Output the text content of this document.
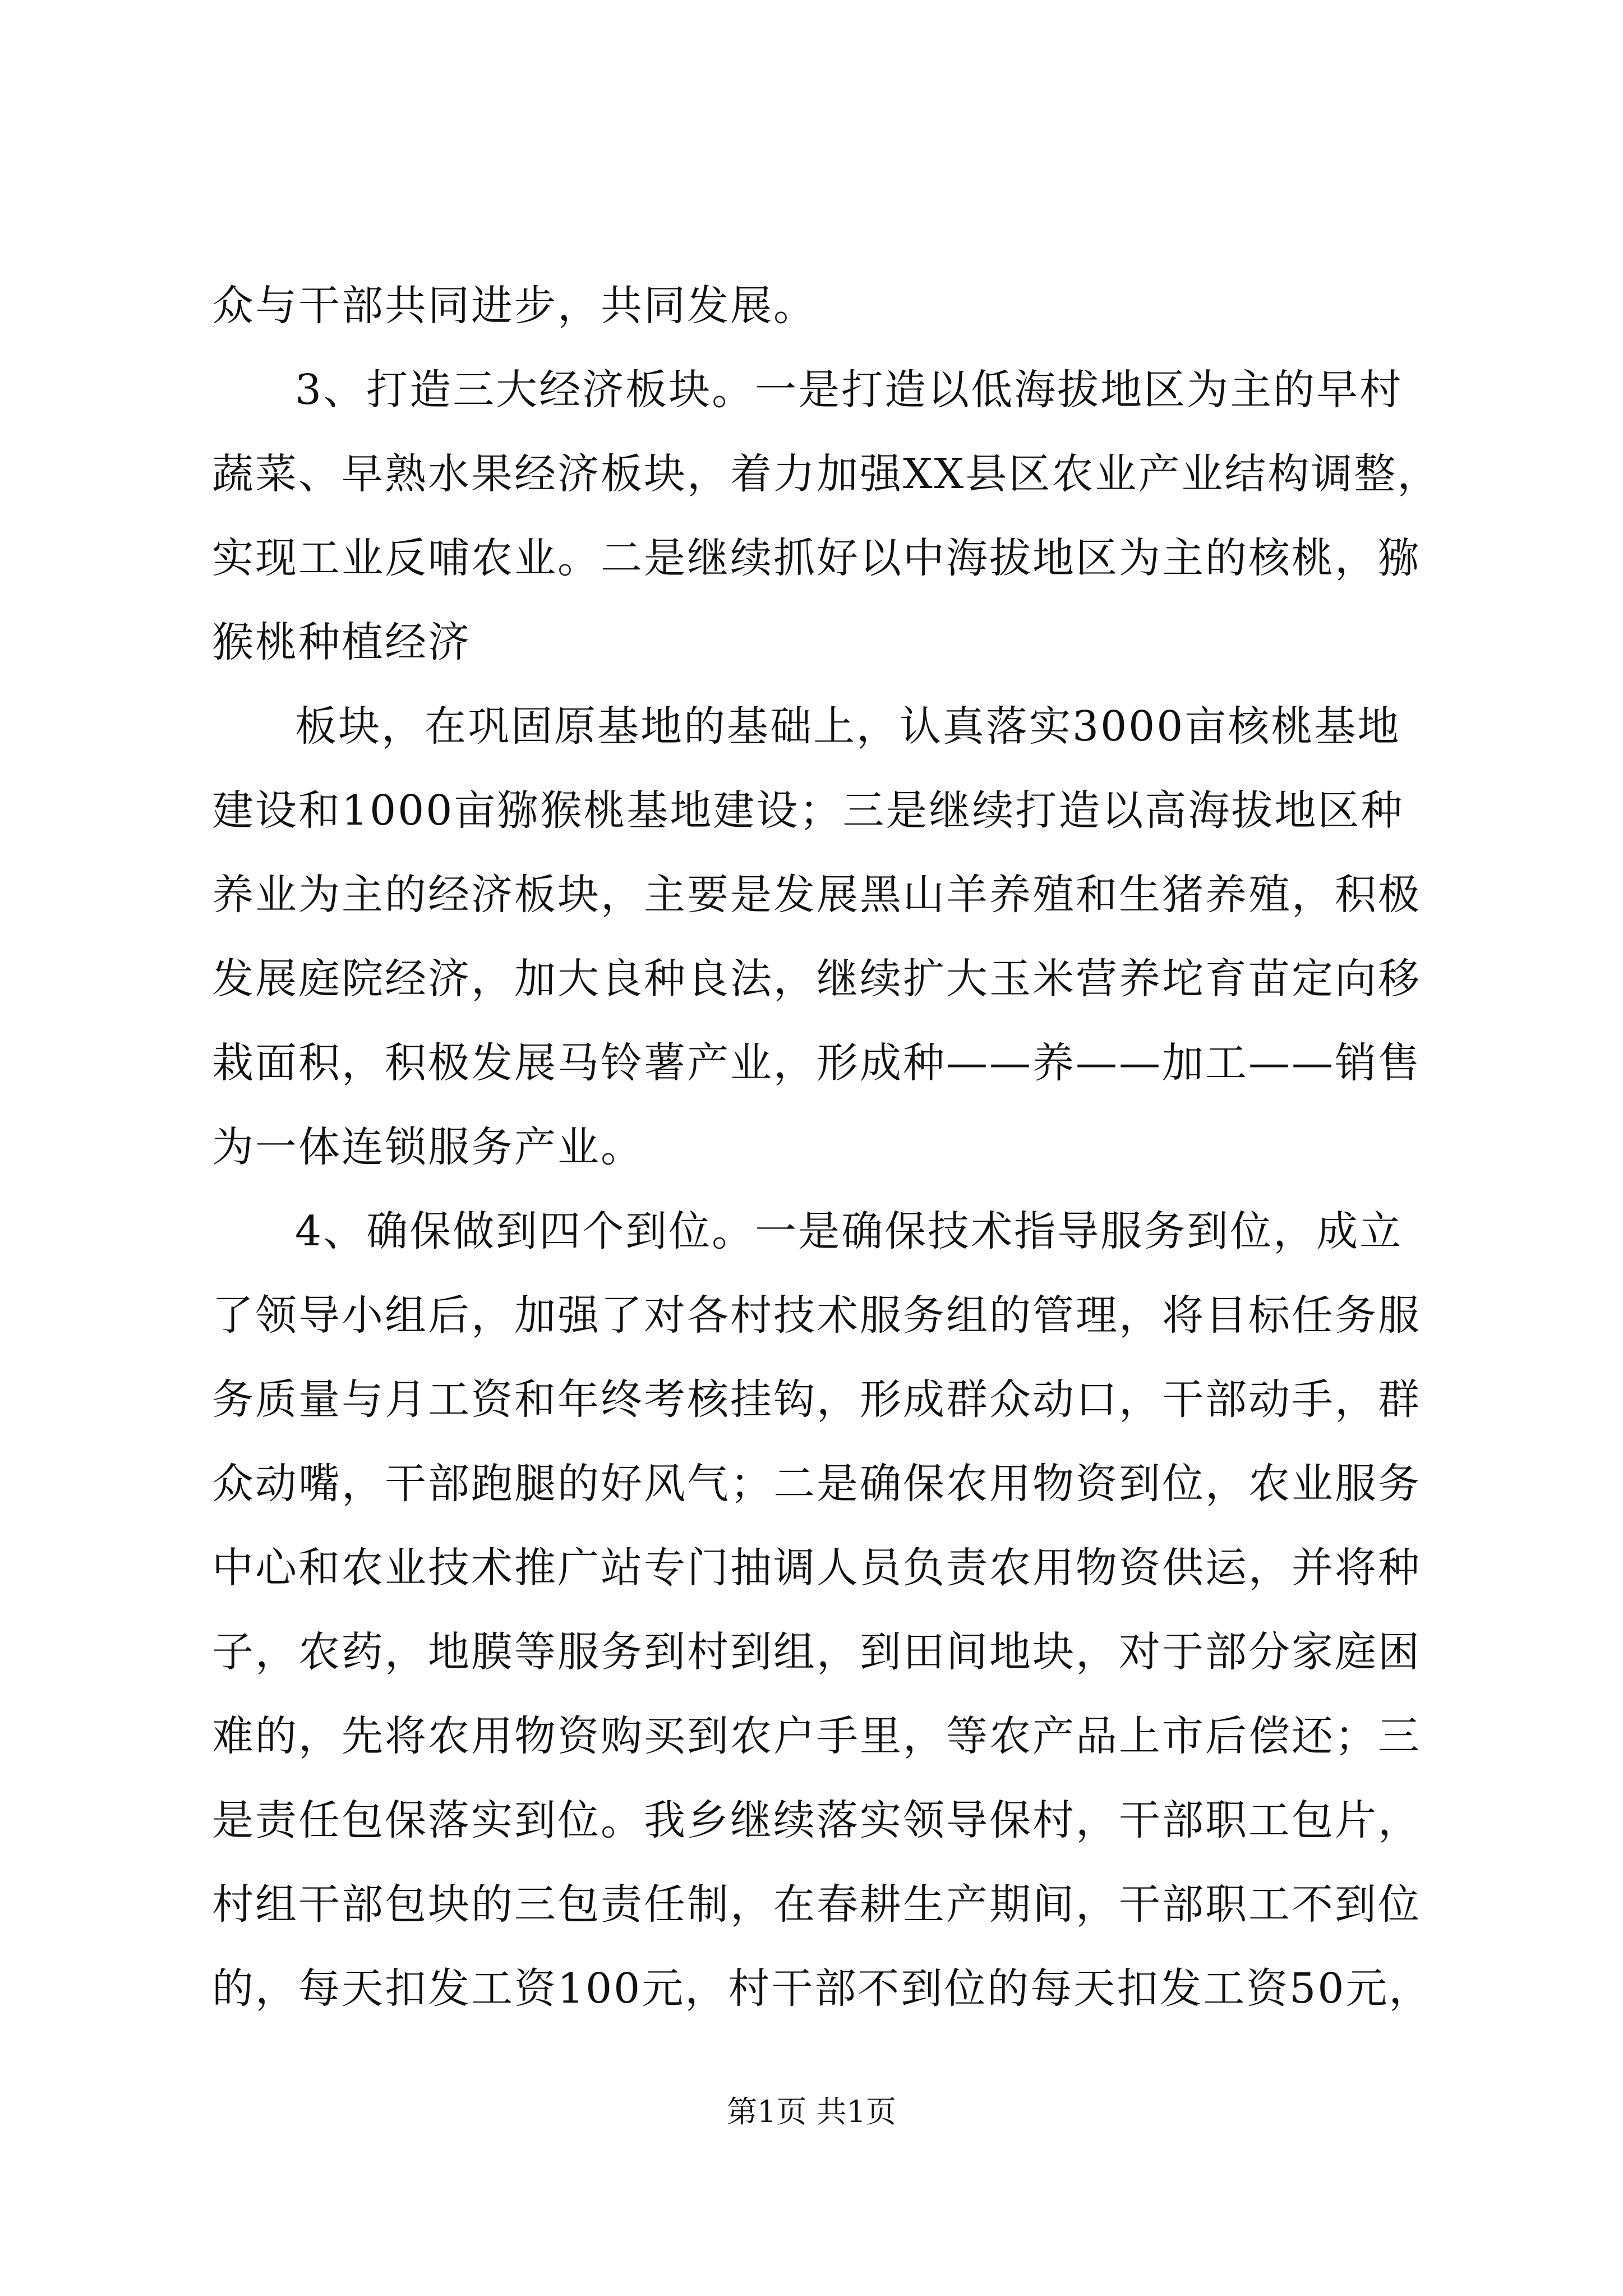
众与干部共同进步，共同发展。
3、打造三大经济板块。一是打造以低海拔地区为主的早村
蔬菜、早熟水果经济板块，着力加强XX县区农业产业结构调整，
实现工业反哺农业。二是继续抓好以中海拔地区为主的核桃，猕
猴桃种植经济
板块，在巩固原基地的基础上，认真落实3000亩核桃基地
建设和1000亩猕猴桃基地建设；三是继续打造以高海拔地区种
养业为主的经济板块，主要是发展黑山羊养殖和生猪养殖，积极
发展庭院经济，加大良种良法，继续扩大玉米营养坨育苗定向移
栽面积，积极发展马铃薯产业，形成种——养——加工——销售
为一体连锁服务产业。
4、确保做到四个到位。一是确保技术指导服务到位，成立
了领导小组后，加强了对各村技术服务组的管理，将目标任务服
务质量与月工资和年终考核挂钩，形成群众动口，干部动手，群
众动嘴，干部跑腿的好风气；二是确保农用物资到位，农业服务
中心和农业技术推广站专门抽调人员负责农用物资供运，并将种
子，农药，地膜等服务到村到组，到田间地块，对于部分家庭困
难的，先将农用物资购买到农户手里，等农产品上市后偿还；三
是责任包保落实到位。我乡继续落实领导保村，干部职工包片，
村组干部包块的三包责任制，在春耕生产期间，干部职工不到位
的，每天扣发工资100元，村干部不到位的每天扣发工资50元，
第1页 共1页
